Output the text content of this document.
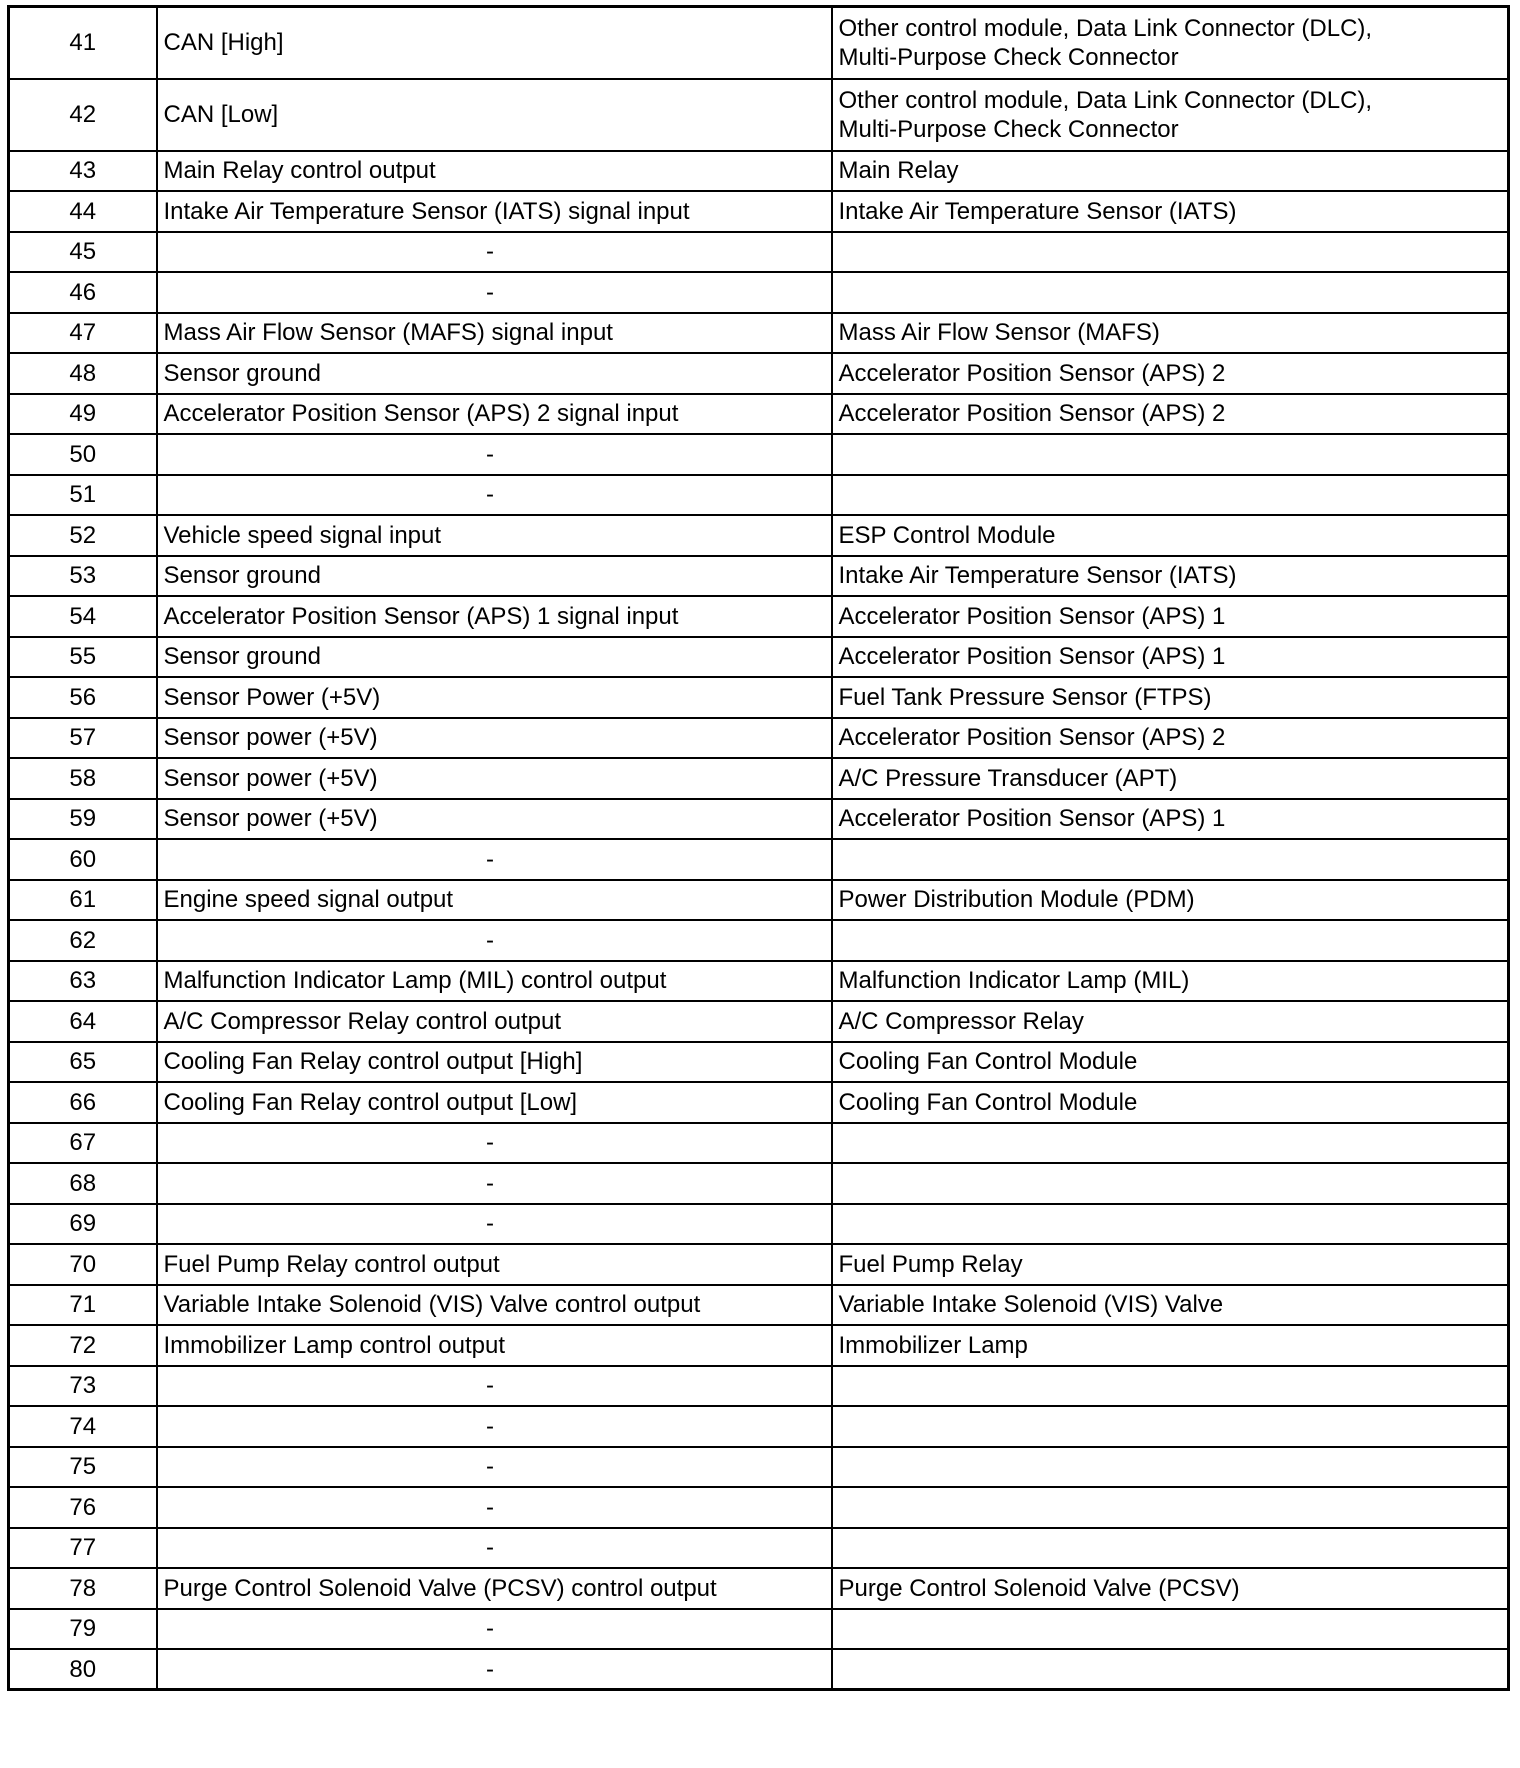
41	CAN [High]	Other control module, Data Link Connector (DLC),
Multi-Purpose Check Connector
42	CAN [Low]	Other control module, Data Link Connector (DLC),
Multi-Purpose Check Connector
43	Main Relay control output	Main Relay
44	Intake Air Temperature Sensor (IATS) signal input	Intake Air Temperature Sensor (IATS)
45	-	
46	-	
47	Mass Air Flow Sensor (MAFS) signal input	Mass Air Flow Sensor (MAFS)
48	Sensor ground	Accelerator Position Sensor (APS) 2
49	Accelerator Position Sensor (APS) 2 signal input	Accelerator Position Sensor (APS) 2
50	-	
51	-	
52	Vehicle speed signal input	ESP Control Module
53	Sensor ground	Intake Air Temperature Sensor (IATS)
54	Accelerator Position Sensor (APS) 1 signal input	Accelerator Position Sensor (APS) 1
55	Sensor ground	Accelerator Position Sensor (APS) 1
56	Sensor Power (+5V)	Fuel Tank Pressure Sensor (FTPS)
57	Sensor power (+5V)	Accelerator Position Sensor (APS) 2
58	Sensor power (+5V)	A/C Pressure Transducer (APT)
59	Sensor power (+5V)	Accelerator Position Sensor (APS) 1
60	-	
61	Engine speed signal output	Power Distribution Module (PDM)
62	-	
63	Malfunction Indicator Lamp (MIL) control output	Malfunction Indicator Lamp (MIL)
64	A/C Compressor Relay control output	A/C Compressor Relay
65	Cooling Fan Relay control output [High]	Cooling Fan Control Module
66	Cooling Fan Relay control output [Low]	Cooling Fan Control Module
67	-	
68	-	
69	-	
70	Fuel Pump Relay control output	Fuel Pump Relay
71	Variable Intake Solenoid (VIS) Valve control output	Variable Intake Solenoid (VIS) Valve
72	Immobilizer Lamp control output	Immobilizer Lamp
73	-	
74	-	
75	-	
76	-	
77	-	
78	Purge Control Solenoid Valve (PCSV) control output	Purge Control Solenoid Valve (PCSV)
79	-	
80	-	
